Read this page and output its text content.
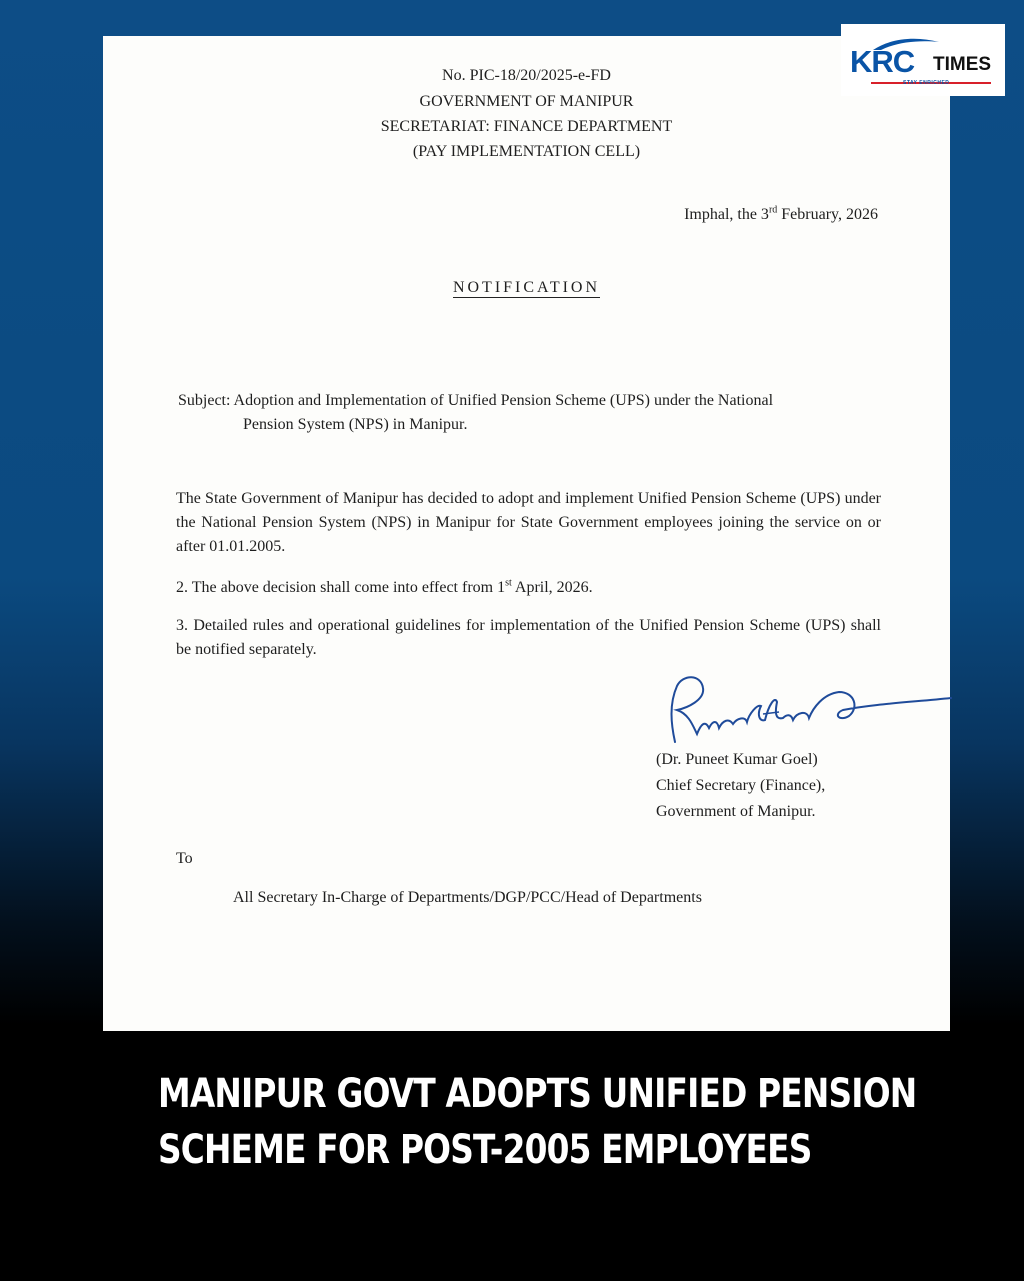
No. PIC-18/20/2025-e-FD
GOVERNMENT OF MANIPUR
SECRETARIAT: FINANCE DEPARTMENT
(PAY IMPLEMENTATION CELL)
Imphal, the 3rd February, 2026
NOTIFICATION
Subject: Adoption and Implementation of Unified Pension Scheme (UPS) under the National
Pension System (NPS) in Manipur.
The State Government of Manipur has decided to adopt and implement Unified Pension Scheme (UPS) under the National Pension System (NPS) in Manipur for State Government employees joining the service on or after 01.01.2005.
2. The above decision shall come into effect from 1st April, 2026.
3. Detailed rules and operational guidelines for implementation of the Unified Pension Scheme (UPS) shall be notified separately.
(Dr. Puneet Kumar Goel)
Chief Secretary (Finance),
Government of Manipur.
To
All Secretary In-Charge of Departments/DGP/PCC/Head of Departments
KRC TIMES
STAY ENRICHED
MANIPUR GOVT ADOPTS UNIFIED PENSION
SCHEME FOR POST-2005 EMPLOYEES
